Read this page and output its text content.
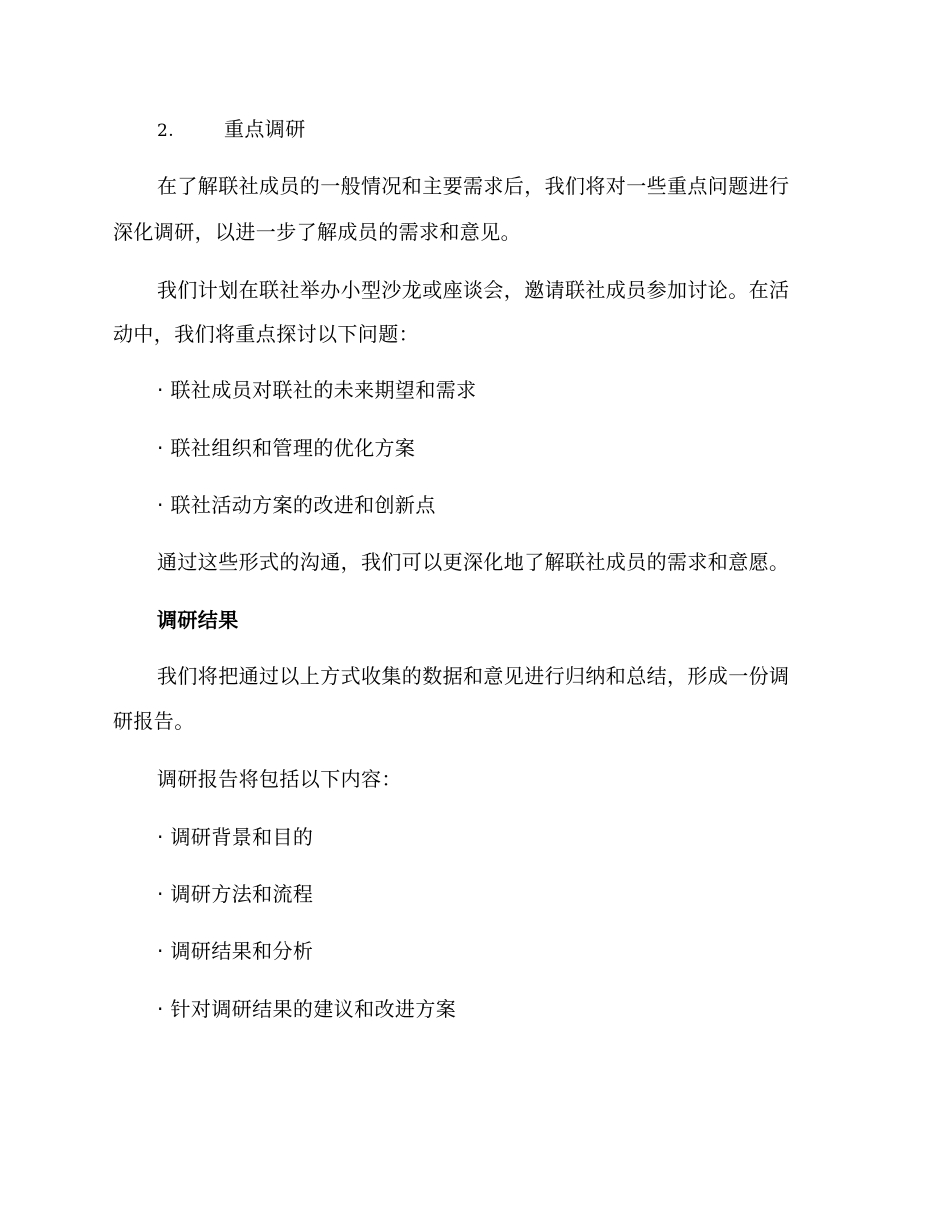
2. 重点调研
在了解联社成员的一般情况和主要需求后，我们将对一些重点问题进行
深化调研，以进一步了解成员的需求和意见。
我们计划在联社举办小型沙龙或座谈会，邀请联社成员参加讨论。在活
动中，我们将重点探讨以下问题：
· 联社成员对联社的未来期望和需求
· 联社组织和管理的优化方案
· 联社活动方案的改进和创新点
通过这些形式的沟通，我们可以更深化地了解联社成员的需求和意愿。
调研结果
我们将把通过以上方式收集的数据和意见进行归纳和总结，形成一份调
研报告。
调研报告将包括以下内容：
· 调研背景和目的
· 调研方法和流程
· 调研结果和分析
· 针对调研结果的建议和改进方案
